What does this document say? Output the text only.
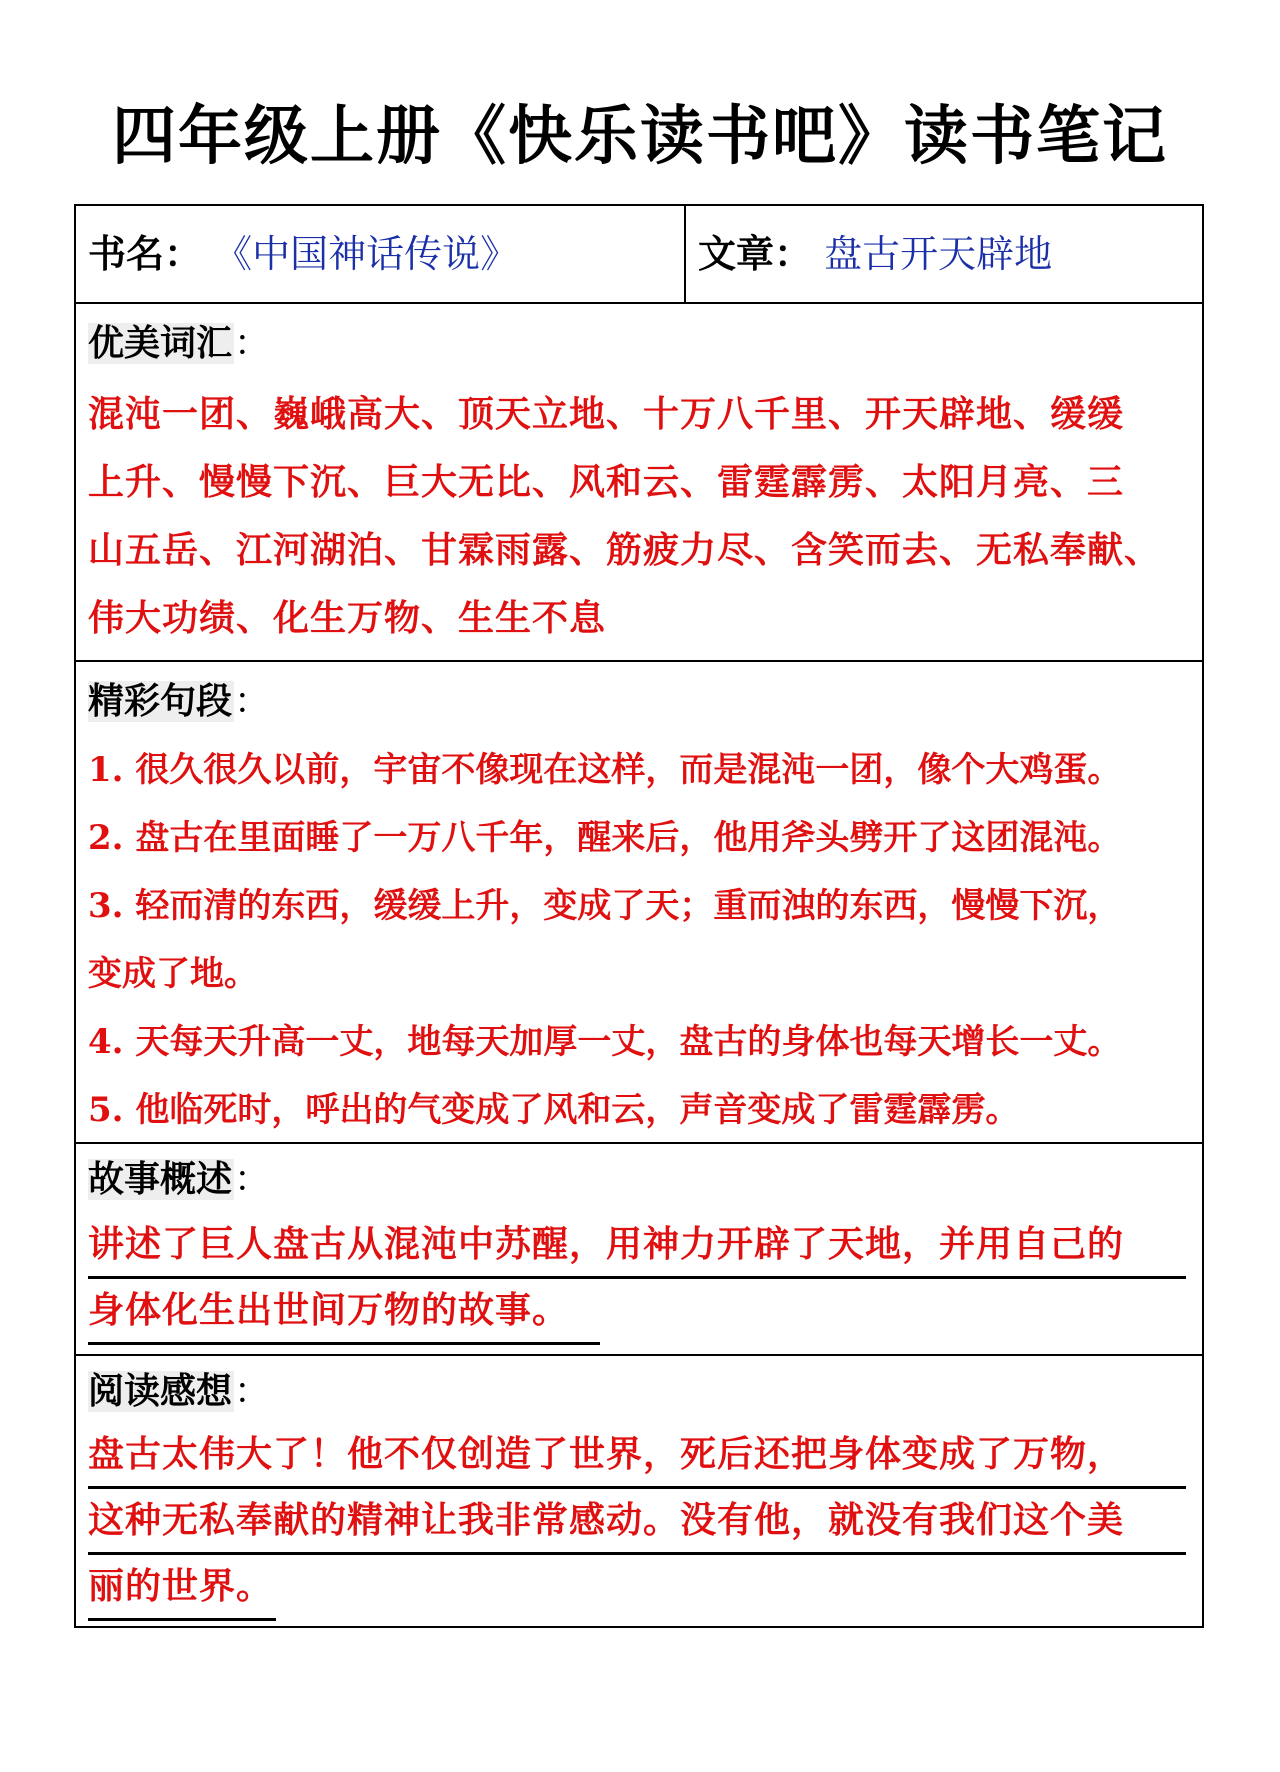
四年级上册《快乐读书吧》读书笔记
书名： 《中国神话传说》	文章： 盘古开天辟地
优美词汇：
混沌一团、巍峨高大、顶天立地、十万八千里、开天辟地、缓缓
上升、慢慢下沉、巨大无比、风和云、雷霆霹雳、太阳月亮、三
山五岳、江河湖泊、甘霖雨露、筋疲力尽、含笑而去、无私奉献、
伟大功绩、化生万物、生生不息
精彩句段：
1. 很久很久以前，宇宙不像现在这样，而是混沌一团，像个大鸡蛋。
2. 盘古在里面睡了一万八千年，醒来后，他用斧头劈开了这团混沌。
3. 轻而清的东西，缓缓上升，变成了天；重而浊的东西，慢慢下沉，
变成了地。
4. 天每天升高一丈，地每天加厚一丈，盘古的身体也每天增长一丈。
5. 他临死时，呼出的气变成了风和云，声音变成了雷霆霹雳。
故事概述：
讲述了巨人盘古从混沌中苏醒，用神力开辟了天地，并用自己的
身体化生出世间万物的故事。
阅读感想：
盘古太伟大了！他不仅创造了世界，死后还把身体变成了万物，
这种无私奉献的精神让我非常感动。没有他，就没有我们这个美
丽的世界。
